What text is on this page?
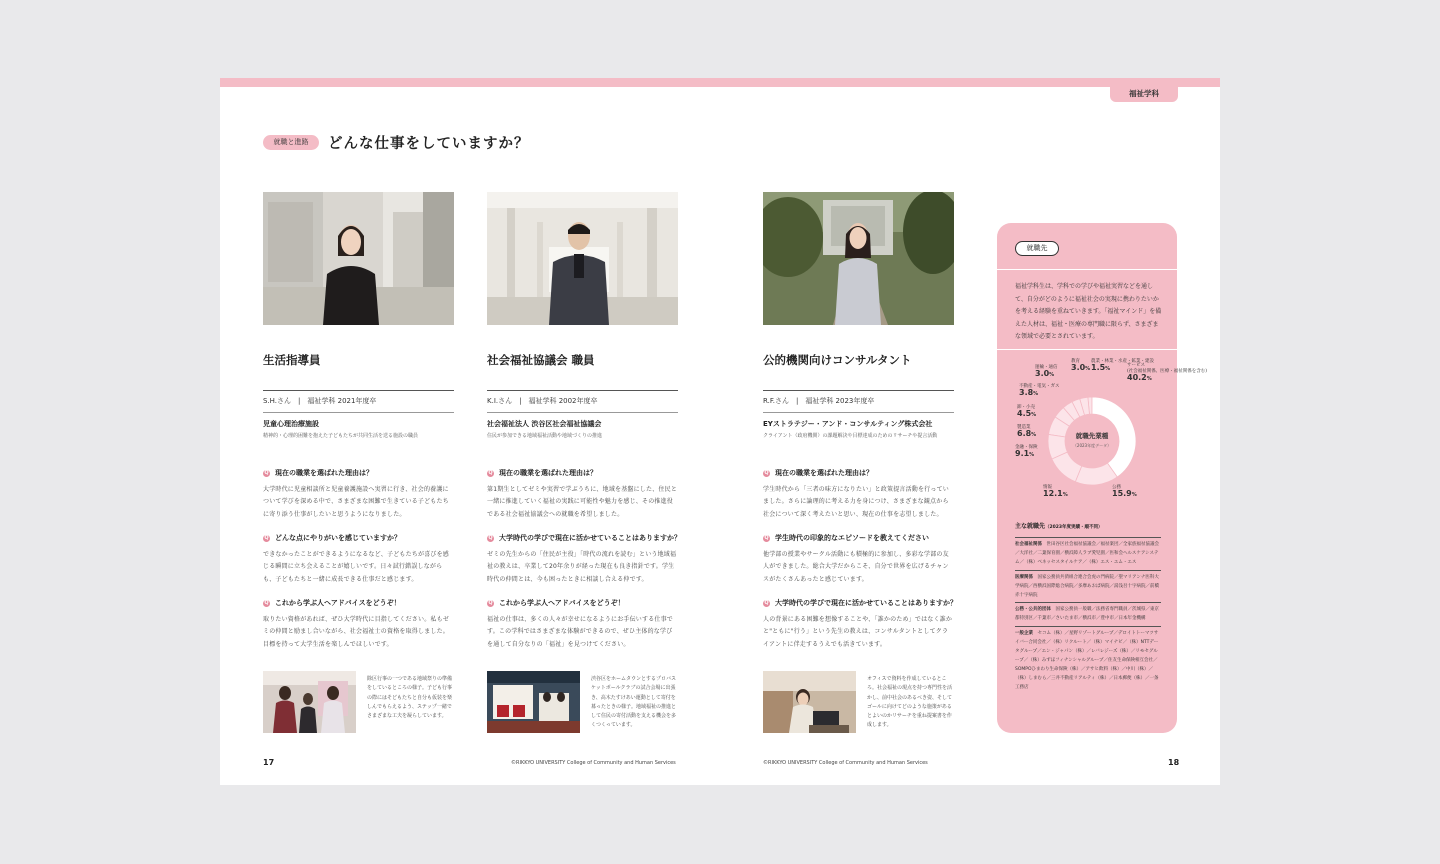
福祉学科
就職と進路	どんな仕事をしていますか？
生活指導員
S.H.さん　|　福祉学科 2021年度卒
児童心理治療施設
精神的・心理的困難を抱えた子どもたちが共同生活を送る施設の職員
Q 現在の職業を選ばれた理由は？
大学時代に児童相談所と児童養護施設へ実習に行き、社会的養護について学びを深める中で、さまざまな困難で生きている子どもたちに寄り添う仕事がしたいと思うようになりました。
Q どんな点にやりがいを感じていますか？
できなかったことができるようになるなど、子どもたちが喜びを感じる瞬間に立ち会えることが嬉しいです。日々試行錯誤しながらも、子どもたちと一緒に成長できる仕事だと感じます。
Q これから学ぶ人へアドバイスをどうぞ！
取りたい資格があれば、ぜひ大学時代に目指してください。私もゼミの仲間と励まし合いながら、社会福祉士の資格を取得しました。目標を持って大学生活を楽しんでほしいです。
除区行事の一つである地域祭りの準備をしているところの様子。子ども行事の際にはそどもたちと自分も仮装を楽しんでもらえるよう、ステップ一緒でさまざまな工夫を凝らしています。
社会福祉協議会 職員
K.I.さん　|　福祉学科 2002年度卒
社会福祉法人 渋谷区社会福祉協議会
住民が参加できる地域福祉活動や地域づくりの推進
Q 現在の職業を選ばれた理由は？
第1期生としてゼミや実習で学ぶうちに、地域を基盤にした、住民と一緒に推進していく福祉の実践に可能性や魅力を感じ、その推進役である社会福祉協議会への就職を希望しました。
Q 大学時代の学びで現在に活かせていることはありますか？
ゼミの先生からの「住民が主役」「時代の流れを読む」という地域福祉の教えは、卒業して20年余りが経った現在も良き指針です。学生時代の仲間とは、今も困ったときに相談し合える仲です。
Q これから学ぶ人へアドバイスをどうぞ！
福祉の仕事は、多くの人々が幸せになるようにお手伝いする仕事です。この学科ではさまざまな体験ができるので、ぜひ主体的な学びを通して自分なりの「福祉」を見つけてください。
渋谷区をホームタウンとするプロバスケットボールクラブの試合会場に出張き、高木たすけあい運動として寄付を募ったときの様子。地域福祉の推進として住民の寄付活動を支える機会を多くつくっています。
公的機関向けコンサルタント
R.F.さん　|　福祉学科 2023年度卒
EYストラテジー・アンド・コンサルティング株式会社
クライアント（政府機関）の課題解決や目標達成のためのリサーチや提言活動
Q 現在の職業を選ばれた理由は？
学生時代から「三者の味方になりたい」と政策提言活動を行っていました。さらに論理的に考える力を身につけ、さまざまな観点から社会について深く考えたいと思い、現在の仕事を志望しました。
Q 学生時代の印象的なエピソードを教えてください
他学部の授業やサークル活動にも積極的に参加し、多彩な学部の友人ができました。総合大学だからこそ、自分で世界を広げるチャンスがたくさんあったと感じています。
Q 大学時代の学びで現在に活かせていることはありますか？
人の背景にある困難を想像することや、「誰かのため」ではなく誰かと"ともに"行う」という先生の教えは、コンサルタントとしてクライアントに伴走するうえでも活きています。
オフィスで資料を作成しているところ。社会福祉の現点を持つ専門性を活かし、前中社会のあるべき姿、そしてゴールに向けてどのような施策があるとよいのかリサーチを重ね提案書を作成します。
就職先
福祉学科生は、学科での学びや福祉実習などを通して、自分がどのように福祉社会の実現に携わりたいかを考える経験を重ねていきます。「福祉マインド」を備えた人材は、福祉・医療の専門職に限らず、さまざまな領域で必要とされています。
就職先業種
（2023年度データ）
サービス
(社会福祉関係、医療・福祉関係を含む)
40.2%
公務
15.9%
情報
12.1%
金融・保険
9.1%
製造業
6.8%
卸・小売
4.5%
不動産・電気・ガス
3.8%
運輸・通信
3.0%
教育
3.0%
農業・林業・水産・鉱業・建設
1.5%
主な就職先（2023年度実績・順不同）
社会福祉関係　 世田谷区社会福祉協議会／福祉楽団／全家族福祉協議会／大洋社／二葉保育園／横浜障人ラブ愛児園／医和会ヘルスケアシステム／（株）ベネッセスタイルケア／（株）エス・エム・エス
医療関係　 国家公務員共済組合連合会虎の門病院／聖マリアンナ医科大学病院／西横浜国際総合病院／多摩あおば病院／湯浅吾十字病院／前橋赤十字病院
公務・公共的団体　 国家公務員一般職／法務省専門職員／茨城県／東京都特別区／千葉市／さいたま市／横浜市／豊中市／日本年金機構
一般企業　 セコム（株）／星野リゾートグループ／デロイトトーマツサイバー合同会社／（株）リクルート／（株）マイナビ／（株）NTTデータグループ／エン・ジャパン（株）／レバレジーズ（株）／リモセグループ／（株）みずほフィナンシャルグループ／住友生命保険相互会社／SOMPOひまわり生命保険（株）／アサヒ飲料（株）／中川（株）／（株）しまむら／三井不動産リアルティ（株）／日本郵便（株）／一条工務店
17	©RIKKYO UNIVERSITY College of Community and Human Services	©RIKKYO UNIVERSITY College of Community and Human Services	18
